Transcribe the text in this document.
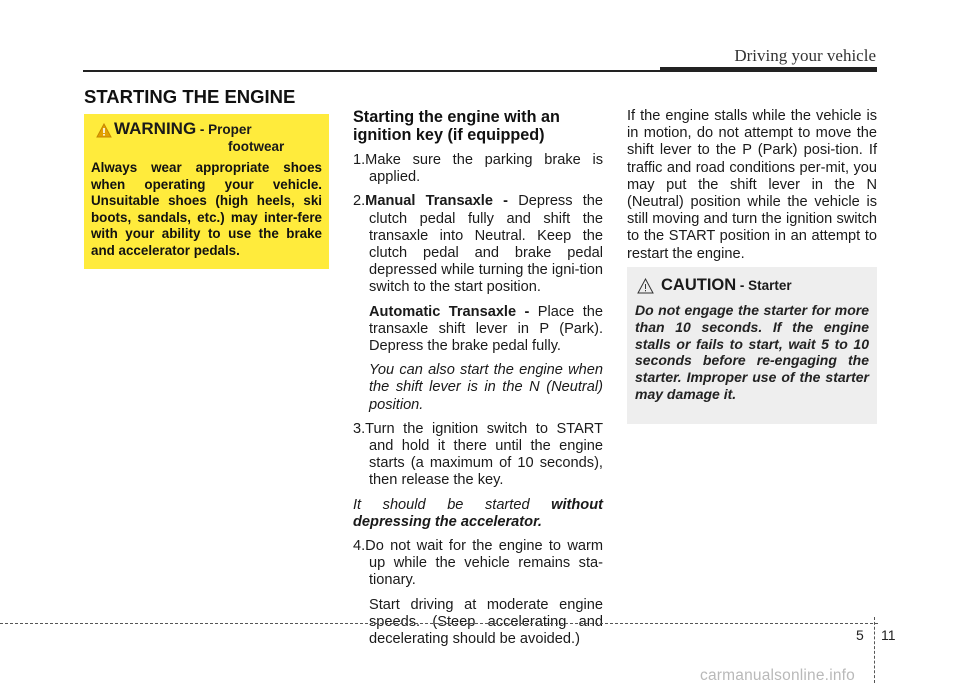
Driving your vehicle
STARTING THE ENGINE
WARNING - Proper
footwear
Always wear appropriate shoes when operating your vehicle. Unsuitable shoes (high heels, ski boots, sandals, etc.) may inter-fere with your ability to use the brake and accelerator pedals.
Starting the engine with an ignition key (if equipped)
1.Make sure the parking brake is applied.
2.Manual Transaxle - Depress the clutch pedal fully and shift the transaxle into Neutral. Keep the clutch pedal and brake pedal depressed while turning the igni-tion switch to the start position.
Automatic Transaxle - Place the transaxle shift lever in P (Park). Depress the brake pedal fully.
You can also start the engine when the shift lever is in the N (Neutral) position.
3.Turn the ignition switch to START and hold it there until the engine starts (a maximum of 10 seconds), then release the key.
It should be started without depressing the accelerator.
4.Do not wait for the engine to warm up while the vehicle remains sta-tionary.
Start driving at moderate engine speeds. (Steep accelerating and decelerating should be avoided.)
If the engine stalls while the vehicle is in motion, do not attempt to move the shift lever to the P (Park) posi-tion. If traffic and road conditions per-mit, you may put the shift lever in the N (Neutral) position while the vehicle is still moving and turn the ignition switch to the START position in an attempt to restart the engine.
CAUTION - Starter
Do not engage the starter for more than 10 seconds. If the engine stalls or fails to start, wait 5 to 10 seconds before re-engaging the starter. Improper use of the starter may damage it.
5 11
carmanualsonline.info
